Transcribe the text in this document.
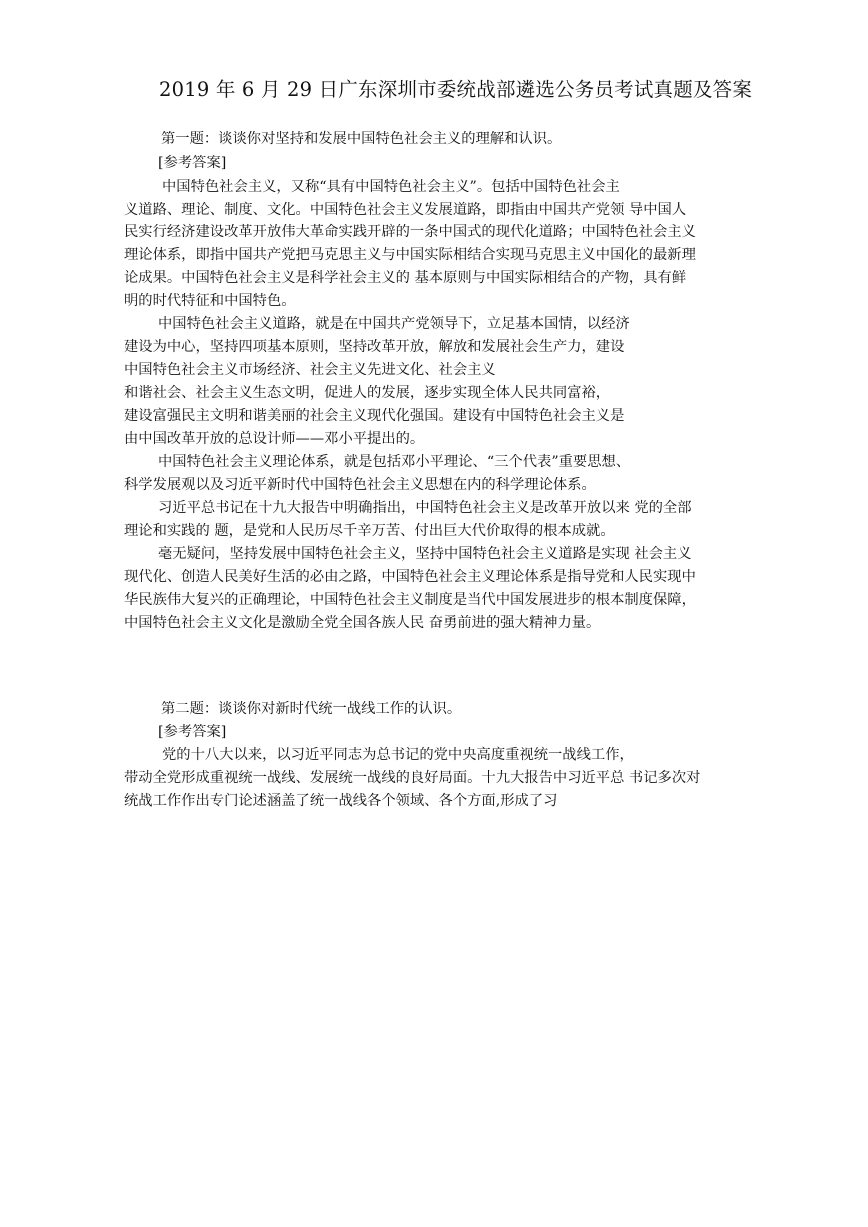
2019 年 6 月 29 日广东深圳市委统战部遴选公务员考试真题及答案
第一题：谈谈你对坚持和发展中国特色社会主义的理解和认识。
[参考答案]
中国特色社会主义，又称“具有中国特色社会主义”。包括中国特色社会主
义道路、理论、制度、文化。中国特色社会主义发展道路，即指由中国共产党领 导中国人
民实行经济建设改革开放伟大革命实践开辟的一条中国式的现代化道路；中国特色社会主义
理论体系，即指中国共产党把马克思主义与中国实际相结合实现马克思主义中国化的最新理
论成果。中国特色社会主义是科学社会主义的 基本原则与中国实际相结合的产物，具有鲜
明的时代特征和中国特色。
中国特色社会主义道路，就是在中国共产党领导下，立足基本国情，以经济
建设为中心，坚持四项基本原则，坚持改革开放，解放和发展社会生产力，建设
中国特色社会主义市场经济、社会主义先进文化、社会主义
和谐社会、社会主义生态文明，促进人的发展，逐步实现全体人民共同富裕，
建设富强民主文明和谐美丽的社会主义现代化强国。建设有中国特色社会主义是
由中国改革开放的总设计师——邓小平提出的。
中国特色社会主义理论体系，就是包括邓小平理论、“三个代表”重要思想、
科学发展观以及习近平新时代中国特色社会主义思想在内的科学理论体系。
习近平总书记在十九大报告中明确指出，中国特色社会主义是改革开放以来 党的全部
理论和实践的 题，是党和人民历尽千辛万苦、付出巨大代价取得的根本成就。
毫无疑问，坚持发展中国特色社会主义，坚持中国特色社会主义道路是实现 社会主义
现代化、创造人民美好生活的必由之路，中国特色社会主义理论体系是指导党和人民实现中
华民族伟大复兴的正确理论，中国特色社会主义制度是当代中国发展进步的根本制度保障，
中国特色社会主义文化是激励全党全国各族人民 奋勇前进的强大精神力量。
第二题：谈谈你对新时代统一战线工作的认识。
[参考答案]
党的十八大以来，以习近平同志为总书记的党中央高度重视统一战线工作，
带动全党形成重视统一战线、发展统一战线的良好局面。十九大报告中习近平总 书记多次对
统战工作作出专门论述涵盖了统一战线各个领域、各个方面,形成了习
